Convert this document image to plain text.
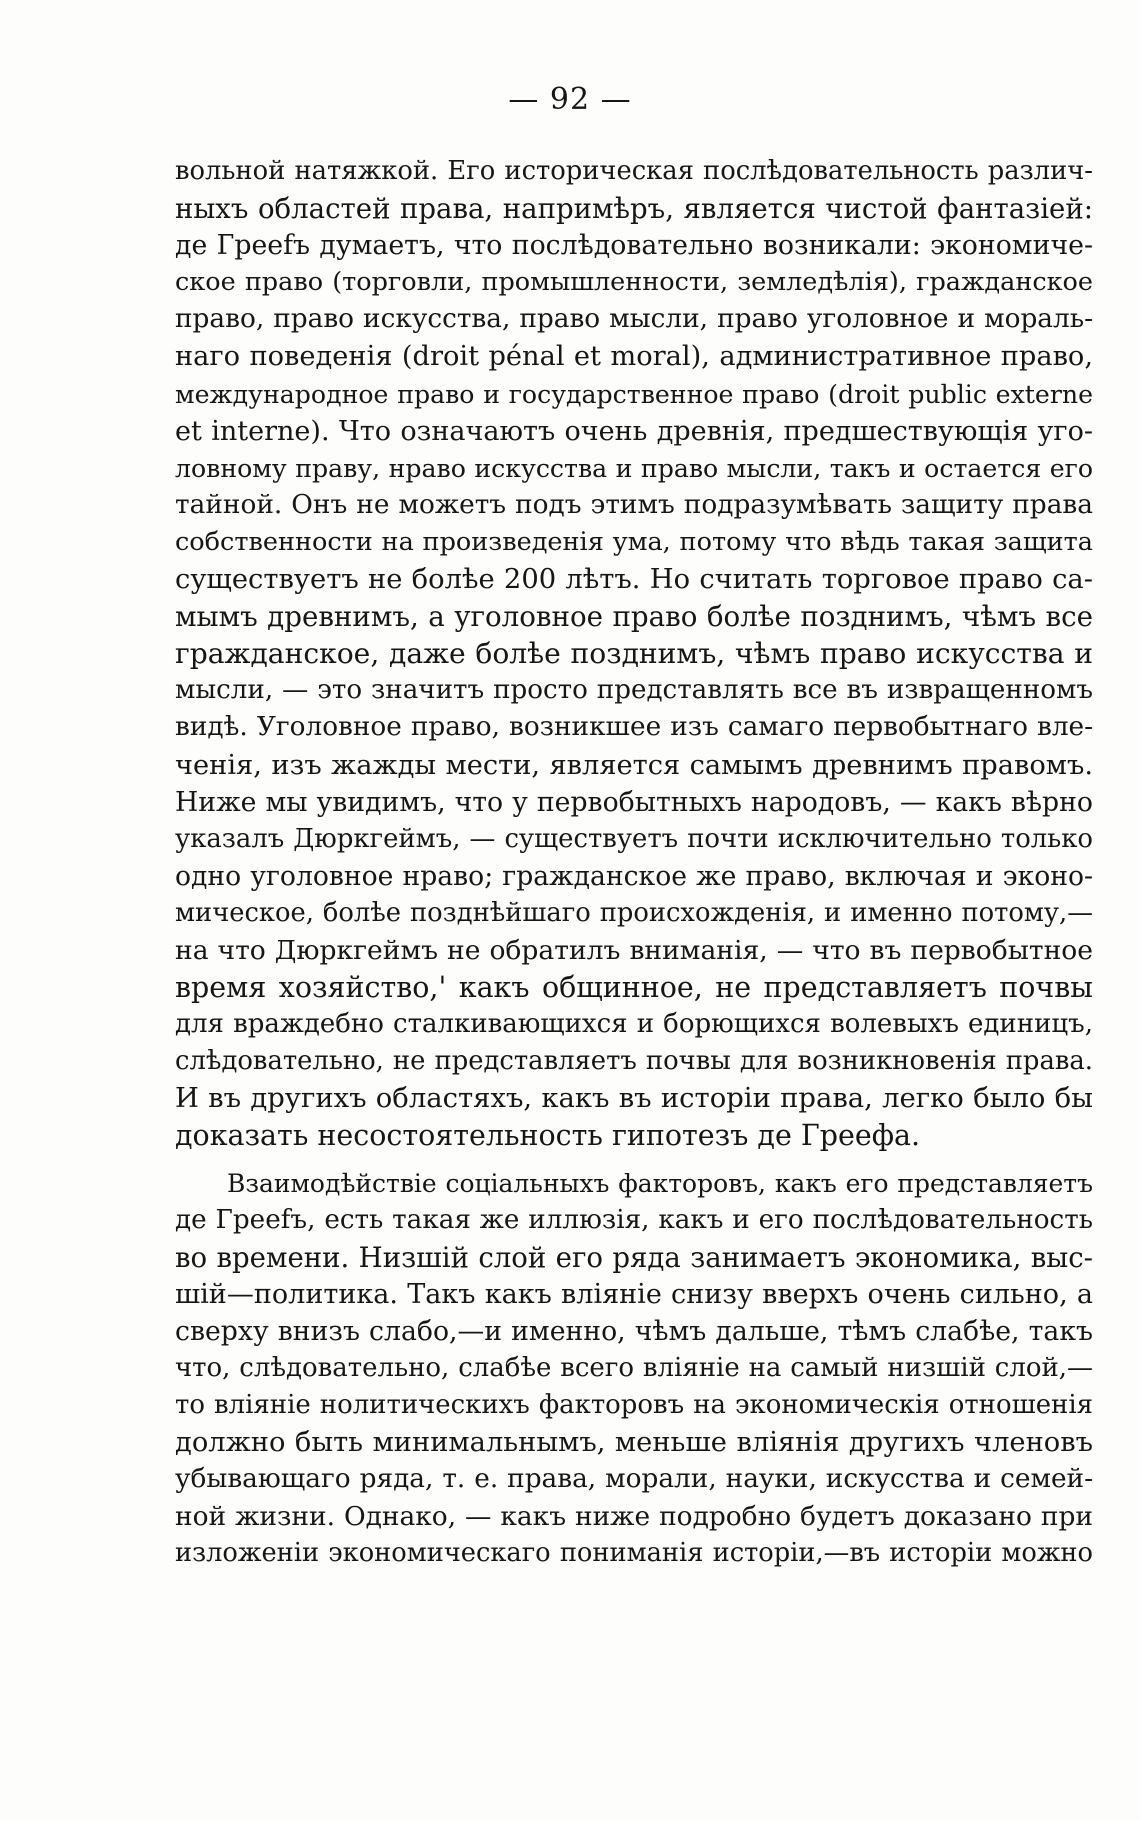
— 92 —
вольной натяжкой. Его историческая послѣдовательность различ-
ныхъ областей права, напримѣръ, является чистой фантазіей:
де Грееfъ думаетъ, что послѣдовательно возникали: экономиче-
ское право (торговли, промышленности, земледѣлія), гражданское
право, право искусства, право мысли, право уголовное и мораль-
наго поведенія (droit pénal et moral), административное право,
международное право и государственное право (droit public externe
et interne). Что означаютъ очень древнія, предшествующія уго-
ловному праву, нраво искусства и право мысли, такъ и остается его
тайной. Онъ не можетъ подъ этимъ подразумѣвать защиту права
собственности на произведенія ума, потому что вѣдь такая защита
существуетъ не болѣе 200 лѣтъ. Но считать торговое право са-
мымъ древнимъ, а уголовное право болѣе позднимъ, чѣмъ все
гражданское, даже болѣе позднимъ, чѣмъ право искусства и
мысли, — это значитъ просто представлять все въ извращенномъ
видѣ. Уголовное право, возникшее изъ самаго первобытнаго вле-
ченія, изъ жажды мести, является самымъ древнимъ правомъ.
Ниже мы увидимъ, что у первобытныхъ народовъ, — какъ вѣрно
указалъ Дюркгеймъ, — существуетъ почти исключительно только
одно уголовное нраво; гражданское же право, включая и эконо-
мическое, болѣе позднѣйшаго происхожденія, и именно потому,—
на что Дюркгеймъ не обратилъ вниманія, — что въ первобытное
время хозяйство,' какъ общинное, не представляетъ почвы
для враждебно сталкивающихся и борющихся волевыхъ единицъ,
слѣдовательно, не представляетъ почвы для возникновенія права.
И въ другихъ областяхъ, какъ въ исторіи права, легко было бы
доказать несостоятельность гипотезъ де Греефа.
Взаимодѣйствіе соціальныхъ факторовъ, какъ его представляетъ
де Грееfъ, есть такая же иллюзія, какъ и его послѣдовательность
во времени. Низшій слой его ряда занимаетъ экономика, выс-
шій—политика. Такъ какъ вліяніе снизу вверхъ очень сильно, а
сверху внизъ слабо,—и именно, чѣмъ дальше, тѣмъ слабѣе, такъ
что, слѣдовательно, слабѣе всего вліяніе на самый низшій слой,—
то вліяніе нолитическихъ факторовъ на экономическія отношенія
должно быть минимальнымъ, меньше вліянія другихъ членовъ
убывающаго ряда, т. е. права, морали, науки, искусства и семей-
ной жизни. Однако, — какъ ниже подробно будетъ доказано при
изложеніи экономическаго пониманія исторіи,—въ исторіи можно
